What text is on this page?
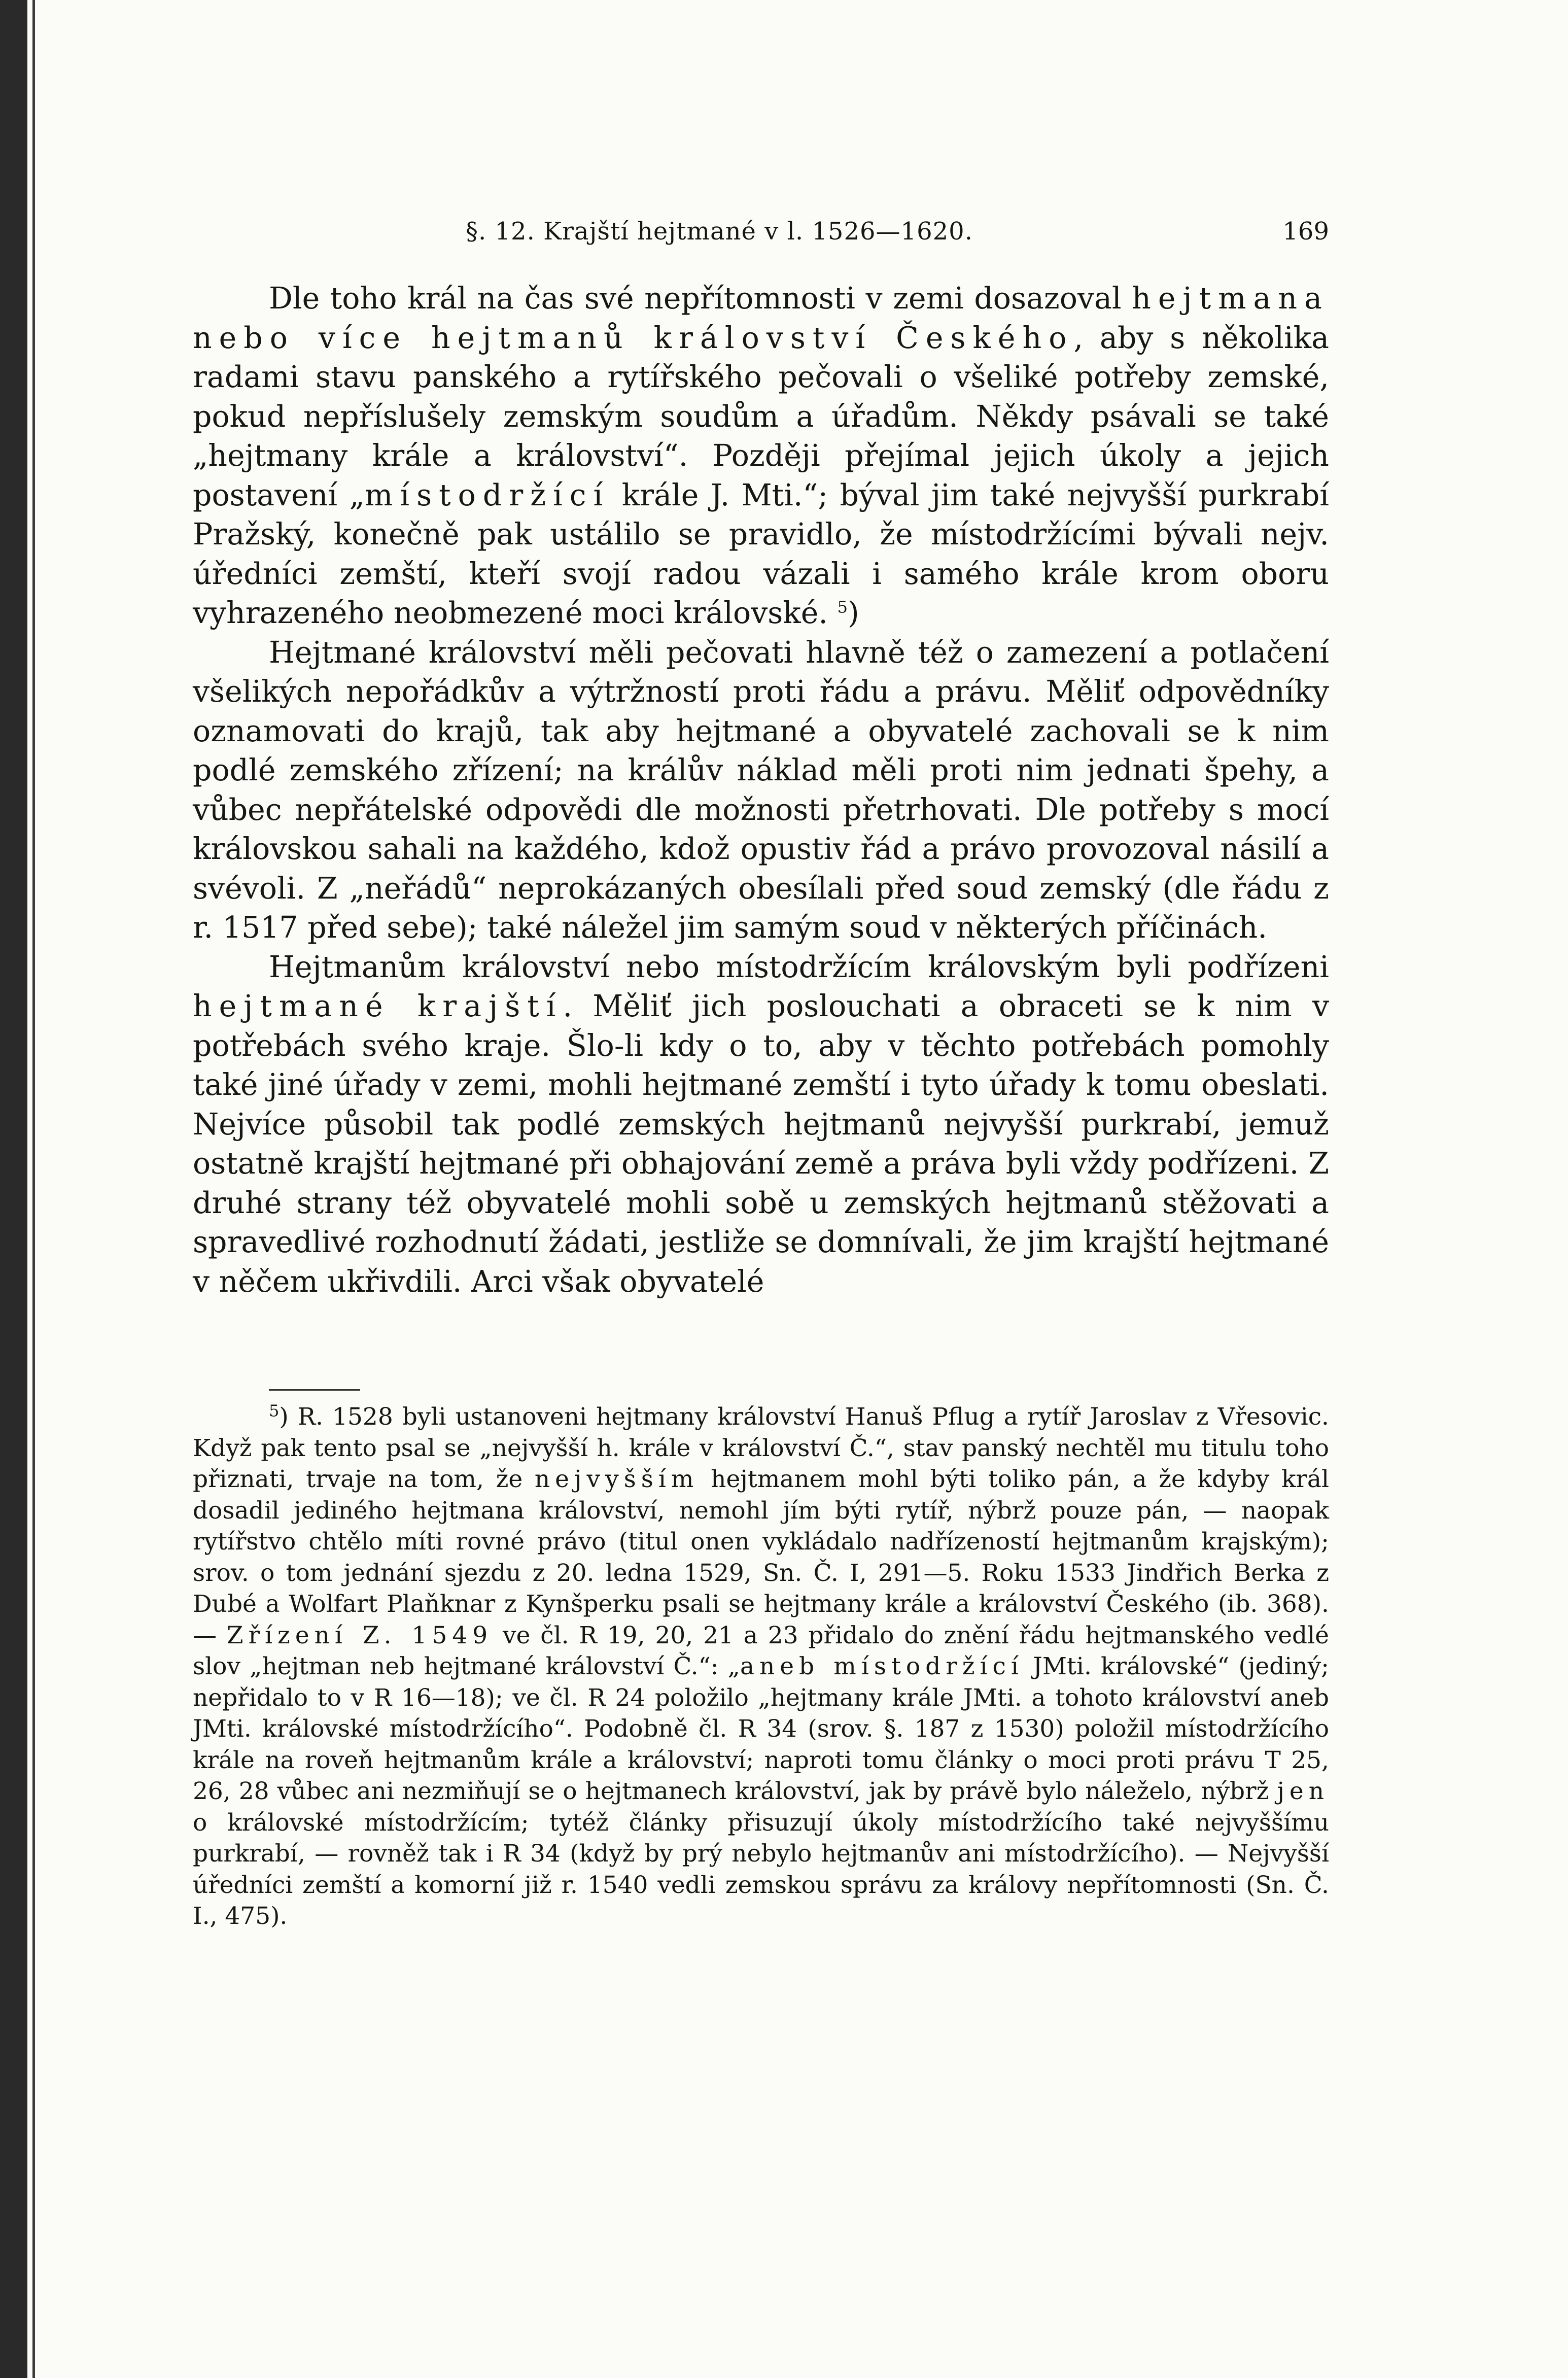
§. 12. Krajští hejtmané v l. 1526—1620.	169

Dle toho král na čas své nepřítomnosti v zemi dosazoval hejtmana nebo více hejtmanů království Českého, aby s několika radami stavu panského a rytířského pečovali o všeliké potřeby zemské, pokud nepříslušely zemským soudům a úřadům. Někdy psávali se také „hejtmany krále a království“. Později přejímal jejich úkoly a jejich postavení „místodržící krále J. Mti.“; býval jim také nejvyšší purkrabí Pražský, konečně pak ustálilo se pravidlo, že místodržícími bývali nejv. úředníci zemští, kteří svojí radou vázali i samého krále krom oboru vyhrazeného neobmezené moci královské. $^5$)

Hejtmané království měli pečovati hlavně též o zamezení a potlačení všelikých nepořádkův a výtržností proti řádu a právu. Měliť odpovědníky oznamovati do krajů, tak aby hejtmané a obyvatelé zachovali se k nim podlé zemského zřízení; na králův náklad měli proti nim jednati špehy, a vůbec nepřátelské odpovědi dle možnosti přetrhovati. Dle potřeby s mocí královskou sahali na každého, kdož opustiv řád a právo provozoval násilí a svévoli. Z „neřádů“ neprokázaných obesílali před soud zemský (dle řádu z r. 1517 před sebe); také náležel jim samým soud v některých příčinách.

Hejtmanům království nebo místodržícím královským byli podřízeni hejtmané krajští. Měliť jich poslouchati a obraceti se k nim v potřebách svého kraje. Šlo-li kdy o to, aby v těchto potřebách pomohly také jiné úřady v zemi, mohli hejtmané zemští i tyto úřady k tomu obeslati. Nejvíce působil tak podlé zemských hejtmanů nejvyšší purkrabí, jemuž ostatně krajští hejtmané při obhajování země a práva byli vždy podřízeni. Z druhé strany též obyvatelé mohli sobě u zemských hejtmanů stěžovati a spravedlivé rozhodnutí žádati, jestliže se domnívali, že jim krajští hejtmané v něčem ukřivdili. Arci však obyvatelé

$^5$) R. 1528 byli ustanoveni hejtmany království Hanuš Pflug a rytíř Jaroslav z Vřesovic. Když pak tento psal se „nejvyšší h. krále v království Č.“, stav panský nechtěl mu titulu toho přiznati, trvaje na tom, že nejvyšším hejtmanem mohl býti toliko pán, a že kdyby král dosadil jediného hejtmana království, nemohl jím býti rytíř, nýbrž pouze pán, — naopak rytířstvo chtělo míti rovné právo (titul onen vykládalo nadřízeností hejtmanům krajským); srov. o tom jednání sjezdu z 20. ledna 1529, Sn. Č. I, 291—5. Roku 1533 Jindřich Berka z Dubé a Wolfart Plaňknar z Kynšperku psali se hejtmany krále a království Českého (ib. 368). — Zřízení Z. 1549 ve čl. R 19, 20, 21 a 23 přidalo do znění řádu hejtmanského vedlé slov „hejtman neb hejtmané království Č.“: „aneb místodržící JMti. královské“ (jediný; nepřidalo to v R 16—18); ve čl. R 24 položilo „hejtmany krále JMti. a tohoto království aneb JMti. královské místodržícího“. Podobně čl. R 34 (srov. §. 187 z 1530) položil místodržícího krále na roveň hejtmanům krále a království; naproti tomu články o moci proti právu T 25, 26, 28 vůbec ani nezmiňují se o hejtmanech království, jak by právě bylo náleželo, nýbrž jen o královské místodržícím; tytéž články přisuzují úkoly místodržícího také nejvyššímu purkrabí, — rovněž tak i R 34 (když by prý nebylo hejtmanův ani místodržícího). — Nejvyšší úředníci zemští a komorní již r. 1540 vedli zemskou správu za královy nepřítomnosti (Sn. Č. I., 475).
